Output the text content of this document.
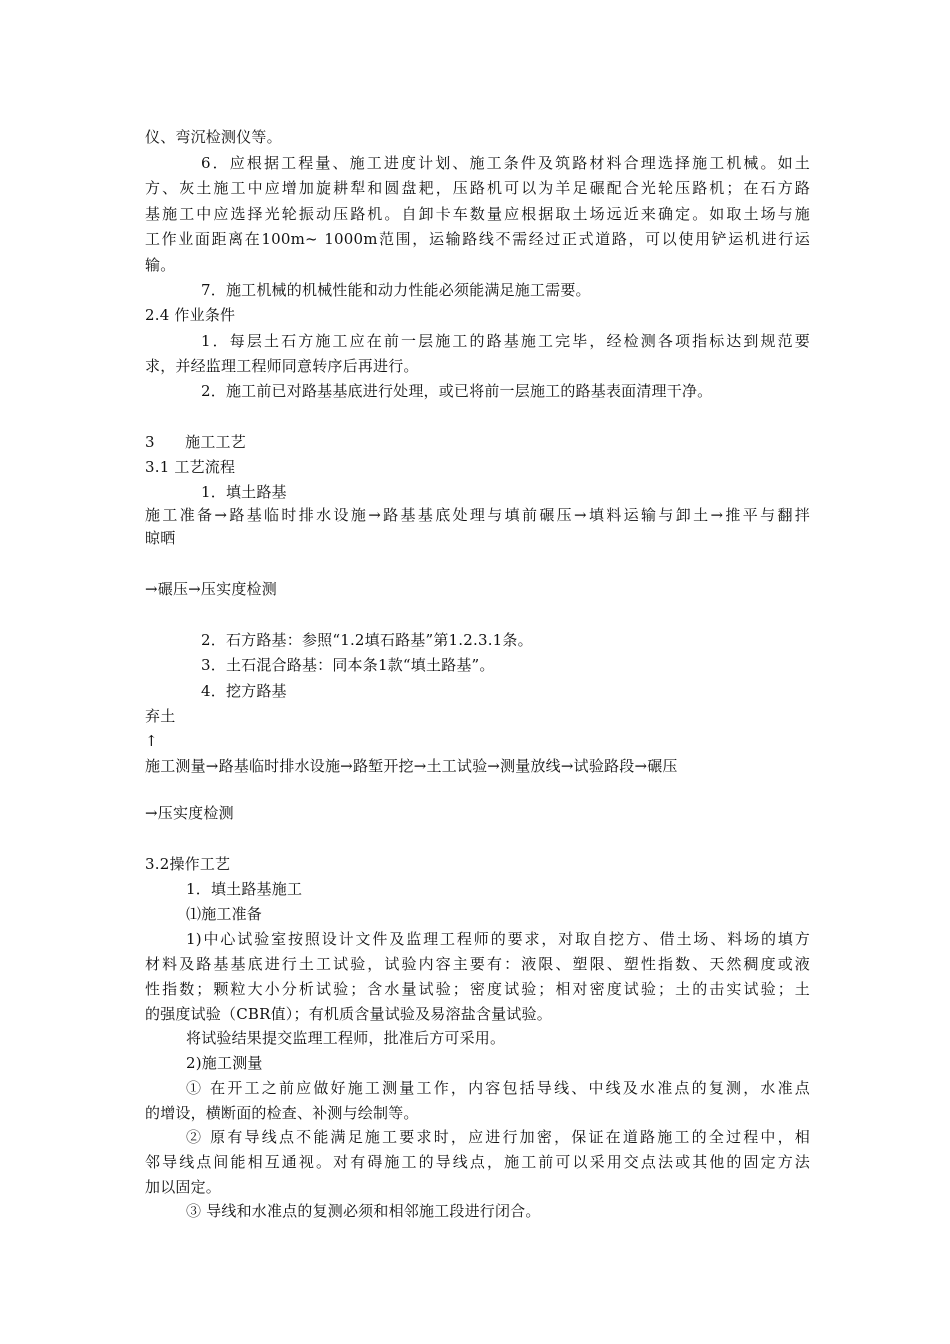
仪、弯沉检测仪等。
6．应根据工程量、施工进度计划、施工条件及筑路材料合理选择施工机械。如土
方、灰土施工中应增加旋耕犁和圆盘耙，压路机可以为羊足碾配合光轮压路机；在石方路
基施工中应选择光轮振动压路机。自卸卡车数量应根据取土场远近来确定。如取土场与施
工作业面距离在100m~ 1000m范围，运输路线不需经过正式道路，可以使用铲运机进行运
输。
7．施工机械的机械性能和动力性能必须能满足施工需要。
2.4 作业条件
1．每层土石方施工应在前一层施工的路基施工完毕，经检测各项指标达到规范要
求，并经监理工程师同意转序后再进行。
2．施工前已对路基基底进行处理，或已将前一层施工的路基表面清理干净。
3　　施工工艺
3.1 工艺流程
1．填土路基
施工准备→路基临时排水设施→路基基底处理与填前碾压→填料运输与卸土→推平与翻拌
晾晒
→碾压→压实度检测
2．石方路基：参照“1.2填石路基”第1.2.3.1条。
3．土石混合路基：同本条1款“填土路基”。
4．挖方路基
弃土
↑
施工测量→路基临时排水设施→路堑开挖→土工试验→测量放线→试验路段→碾压
→压实度检测
3.2操作工艺
1．填土路基施工
⑴施工准备
1)中心试验室按照设计文件及监理工程师的要求，对取自挖方、借土场、料场的填方
材料及路基基底进行土工试验，试验内容主要有：液限、塑限、塑性指数、天然稠度或液
性指数；颗粒大小分析试验；含水量试验；密度试验；相对密度试验；土的击实试验；土
的强度试验（CBR值）；有机质含量试验及易溶盐含量试验。
将试验结果提交监理工程师，批准后方可采用。
2)施工测量
① 在开工之前应做好施工测量工作，内容包括导线、中线及水准点的复测，水准点
的增设，横断面的检查、补测与绘制等。
② 原有导线点不能满足施工要求时，应进行加密，保证在道路施工的全过程中，相
邻导线点间能相互通视。对有碍施工的导线点，施工前可以采用交点法或其他的固定方法
加以固定。
③ 导线和水准点的复测必须和相邻施工段进行闭合。
